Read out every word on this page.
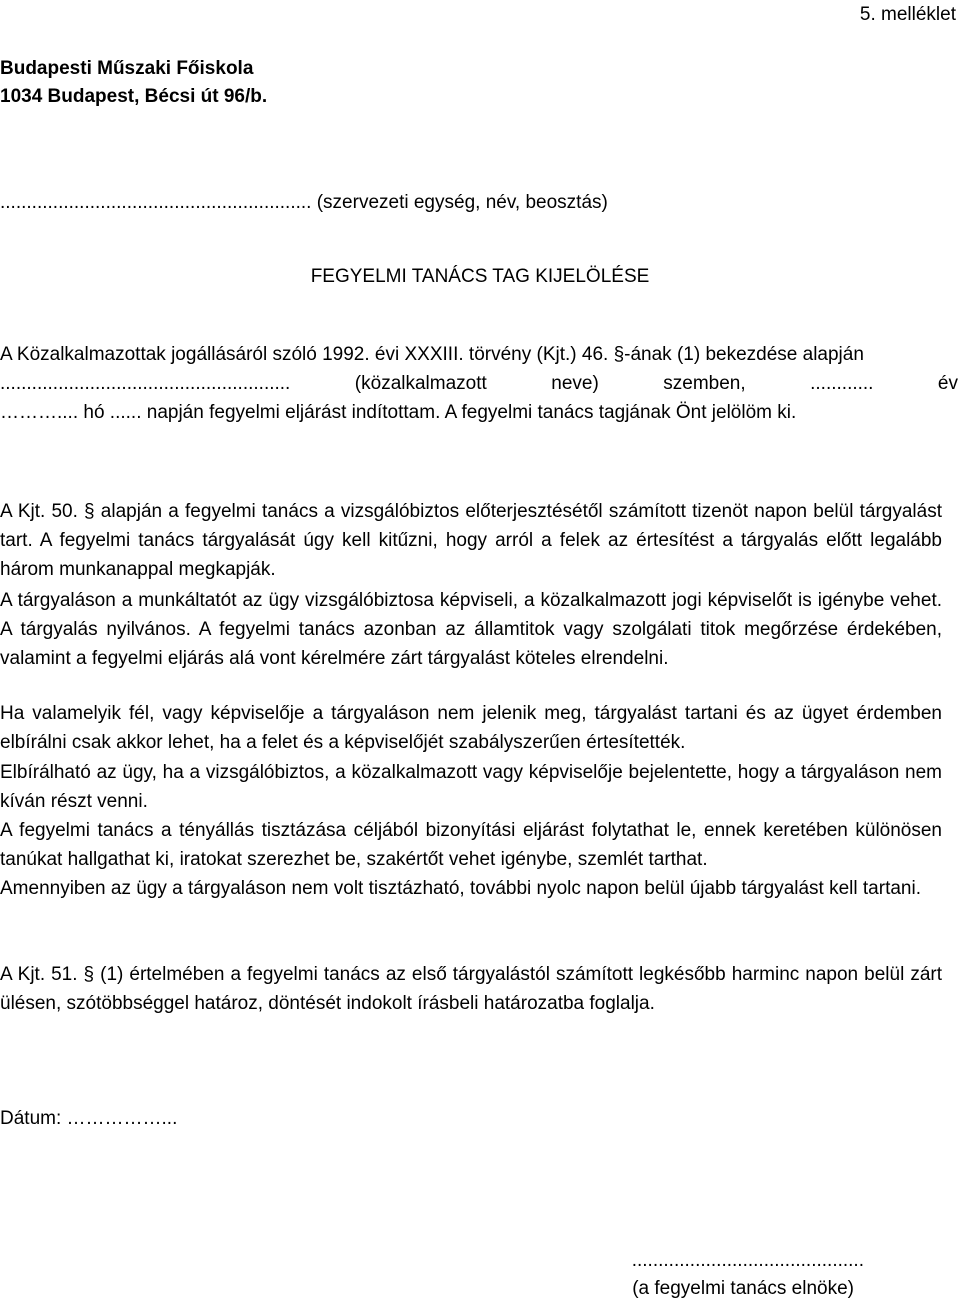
5. melléklet
Budapesti Műszaki Főiskola
1034 Budapest, Bécsi út 96/b.
........................................................... (szervezeti egység, név, beosztás)
FEGYELMI TANÁCS TAG KIJELÖLÉSE
A Közalkalmazottak jogállásáról szóló 1992. évi XXXIII. törvény (Kjt.) 46. §-ának (1) bekezdése alapján
....................................................... (közalkalmazott neve) szemben, ............ év
……….... hó ...... napján fegyelmi eljárást indítottam. A fegyelmi tanács tagjának Önt jelölöm ki.
A Kjt. 50. § alapján a fegyelmi tanács a vizsgálóbiztos előterjesztésétől számított tizenöt napon belül tárgyalást tart. A fegyelmi tanács tárgyalását úgy kell kitűzni, hogy arról a felek az értesítést a tárgyalás előtt legalább három munkanappal megkapják.
A tárgyaláson a munkáltatót az ügy vizsgálóbiztosa képviseli, a közalkalmazott jogi képviselőt is igénybe vehet. A tárgyalás nyilvános. A fegyelmi tanács azonban az államtitok vagy szolgálati titok megőrzése érdekében, valamint a fegyelmi eljárás alá vont kérelmére zárt tárgyalást köteles elrendelni.
Ha valamelyik fél, vagy képviselője a tárgyaláson nem jelenik meg, tárgyalást tartani és az ügyet érdemben elbírálni csak akkor lehet, ha a felet és a képviselőjét szabályszerűen értesítették.
Elbírálható az ügy, ha a vizsgálóbiztos, a közalkalmazott vagy képviselője bejelentette, hogy a tárgyaláson nem kíván részt venni.
A fegyelmi tanács a tényállás tisztázása céljából bizonyítási eljárást folytathat le, ennek keretében különösen tanúkat hallgathat ki, iratokat szerezhet be, szakértőt vehet igénybe, szemlét tarthat.
Amennyiben az ügy a tárgyaláson nem volt tisztázható, további nyolc napon belül újabb tárgyalást kell tartani.
A Kjt. 51. § (1) értelmében a fegyelmi tanács az első tárgyalástól számított legkésőbb harminc napon belül zárt ülésen, szótöbbséggel határoz, döntését indokolt írásbeli határozatba foglalja.
Dátum: ……………...
............................................
(a fegyelmi tanács elnöke)
